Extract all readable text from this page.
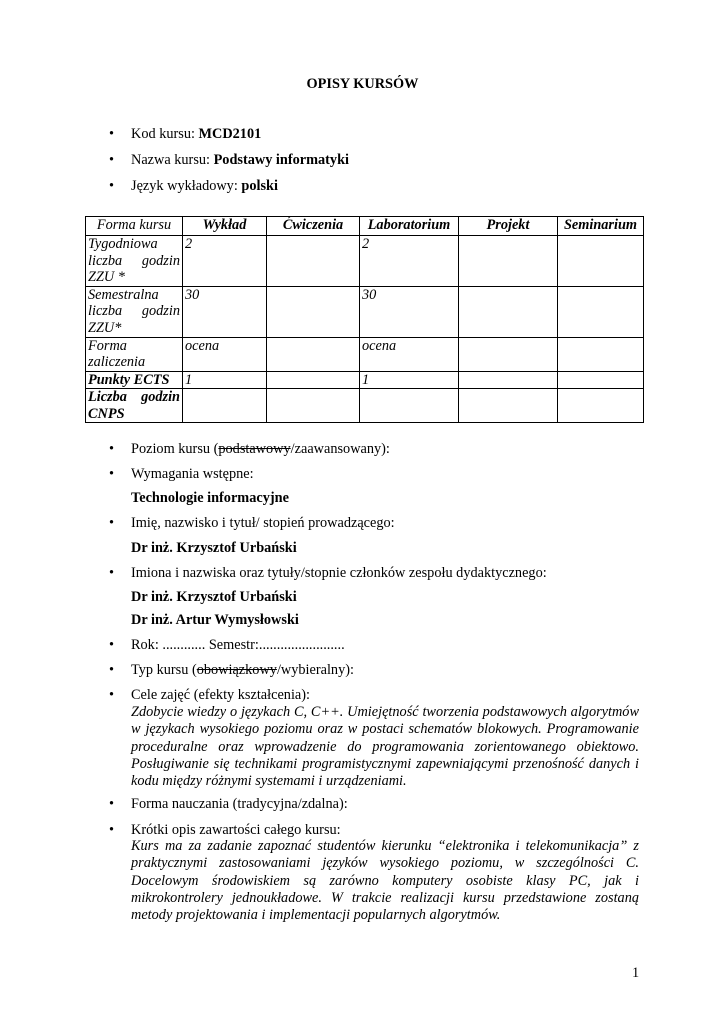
OPISY KURSÓW
• Kod kursu: MCD2101
• Nazwa kursu: Podstawy informatyki
• Język wykładowy: polski
Forma kursu	Wykład	Ćwiczenia	Laboratorium	Projekt	Seminarium
Tygodniowa liczba godzin ZZU *	2		2		
Semestralna liczba godzin ZZU*	30		30		
Forma zaliczenia	ocena		ocena		
Punkty ECTS	1		1		
Liczba godzin CNPS					
• Poziom kursu (podstawowy/zaawansowany):
• Wymagania wstępne:
Technologie informacyjne
• Imię, nazwisko i tytuł/ stopień prowadzącego:
Dr inż. Krzysztof Urbański
• Imiona i nazwiska oraz tytuły/stopnie członków zespołu dydaktycznego:
Dr inż. Krzysztof Urbański
Dr inż. Artur Wymysłowski
• Rok: ............ Semestr:........................
• Typ kursu (obowiązkowy/wybieralny):
• Cele zajęć (efekty kształcenia):
Zdobycie wiedzy o językach C, C++. Umiejętność tworzenia podstawowych algorytmów w językach wysokiego poziomu oraz w postaci schematów blokowych. Programowanie proceduralne oraz wprowadzenie do programowania zorientowanego obiektowo. Posługiwanie się technikami programistycznymi zapewniającymi przenośność danych i kodu między różnymi systemami i urządzeniami.
• Forma nauczania (tradycyjna/zdalna):
• Krótki opis zawartości całego kursu:
Kurs ma za zadanie zapoznać studentów kierunku “elektronika i telekomunikacja” z praktycznymi zastosowaniami języków wysokiego poziomu, w szczególności C. Docelowym środowiskiem są zarówno komputery osobiste klasy PC, jak i mikrokontrolery jednoukładowe. W trakcie realizacji kursu przedstawione zostaną metody projektowania i implementacji popularnych algorytmów.
1
